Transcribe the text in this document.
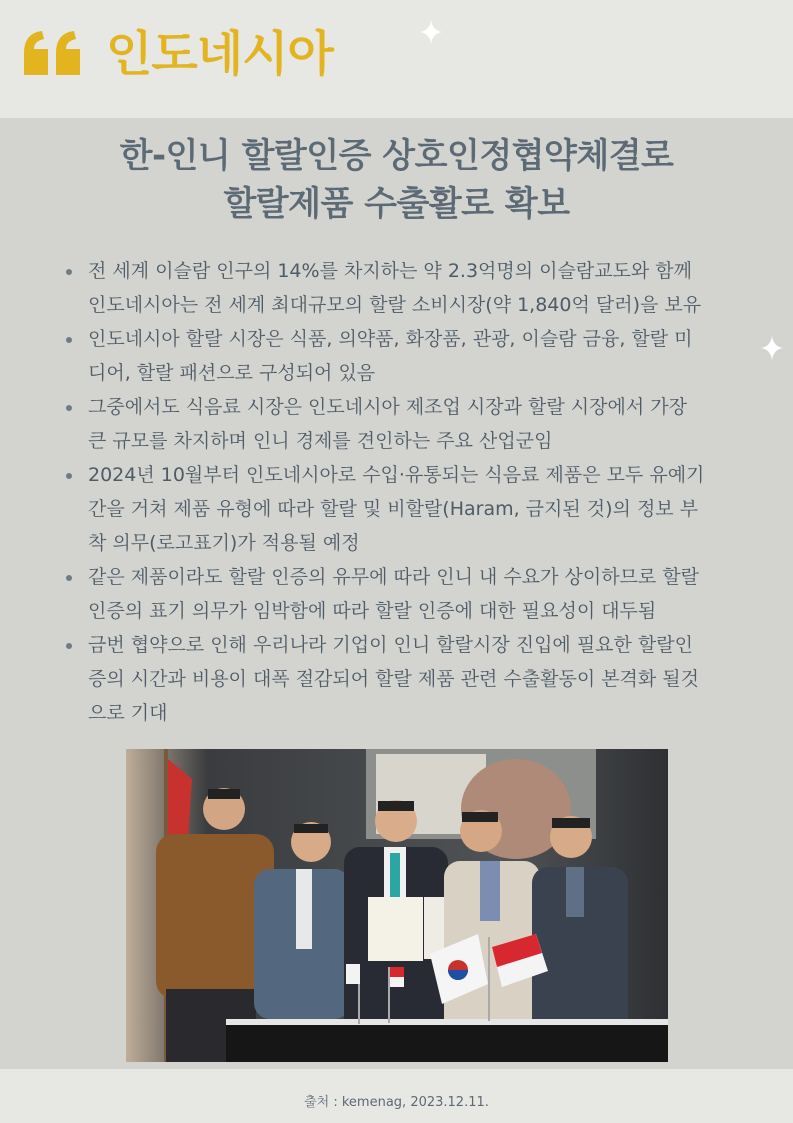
인도네시아
한-인니 할랄인증 상호인정협약체결로
할랄제품 수출활로 확보
전 세계 이슬람 인구의 14%를 차지하는 약 2.3억명의 이슬람교도와 함께
인도네시아는 전 세계 최대규모의 할랄 소비시장(약 1,840억 달러)을 보유
인도네시아 할랄 시장은 식품, 의약품, 화장품, 관광, 이슬람 금융, 할랄 미
디어, 할랄 패션으로 구성되어 있음
그중에서도 식음료 시장은 인도네시아 제조업 시장과 할랄 시장에서 가장
큰 규모를 차지하며 인니 경제를 견인하는 주요 산업군임
2024년 10월부터 인도네시아로 수입·유통되는 식음료 제품은 모두 유예기
간을 거쳐 제품 유형에 따라 할랄 및 비할랄(Haram, 금지된 것)의 정보 부
착 의무(로고표기)가 적용될 예정
같은 제품이라도 할랄 인증의 유무에 따라 인니 내 수요가 상이하므로 할랄
인증의 표기 의무가 임박함에 따라 할랄 인증에 대한 필요성이 대두됨
금번 협약으로 인해 우리나라 기업이 인니 할랄시장 진입에 필요한 할랄인
증의 시간과 비용이 대폭 절감되어 할랄 제품 관련 수출활동이 본격화 될것
으로 기대
출처 : kemenag, 2023.12.11.
